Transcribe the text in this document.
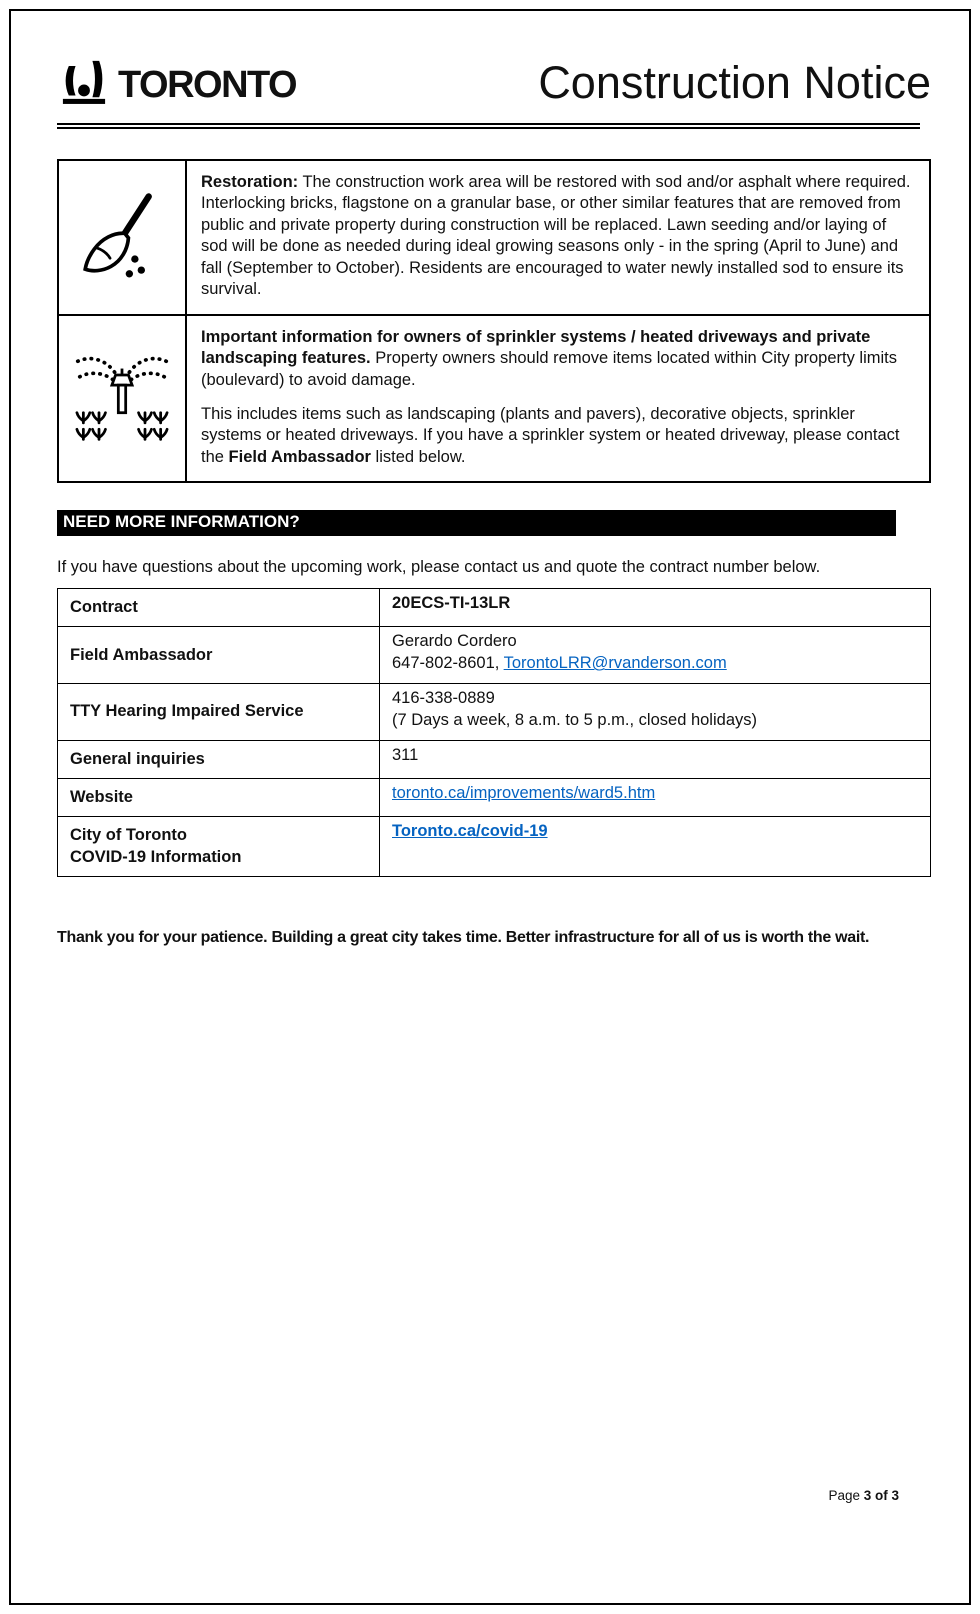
TORONTO	Construction Notice

Restoration: The construction work area will be restored with sod and/or asphalt where required. Interlocking bricks, flagstone on a granular base, or other similar features that are removed from public and private property during construction will be replaced. Lawn seeding and/or laying of sod will be done as needed during ideal growing seasons only - in the spring (April to June) and fall (September to October). Residents are encouraged to water newly installed sod to ensure its survival.

Important information for owners of sprinkler systems / heated driveways and private landscaping features. Property owners should remove items located within City property limits (boulevard) to avoid damage.

This includes items such as landscaping (plants and pavers), decorative objects, sprinkler systems or heated driveways. If you have a sprinkler system or heated driveway, please contact the Field Ambassador listed below.

NEED MORE INFORMATION?

If you have questions about the upcoming work, please contact us and quote the contract number below.

Contract	20ECS-TI-13LR
Field Ambassador	Gerardo Cordero
647-802-8601, TorontoLRR@rvanderson.com

TTY Hearing Impaired Service	416-338-0889
(7 Days a week, 8 a.m. to 5 p.m., closed holidays)

General inquiries	311
Website	toronto.ca/improvements/ward5.htm

City of Toronto
COVID-19 Information	Toronto.ca/covid-19

Thank you for your patience. Building a great city takes time. Better infrastructure for all of us is worth the wait.

Page 3 of 3
